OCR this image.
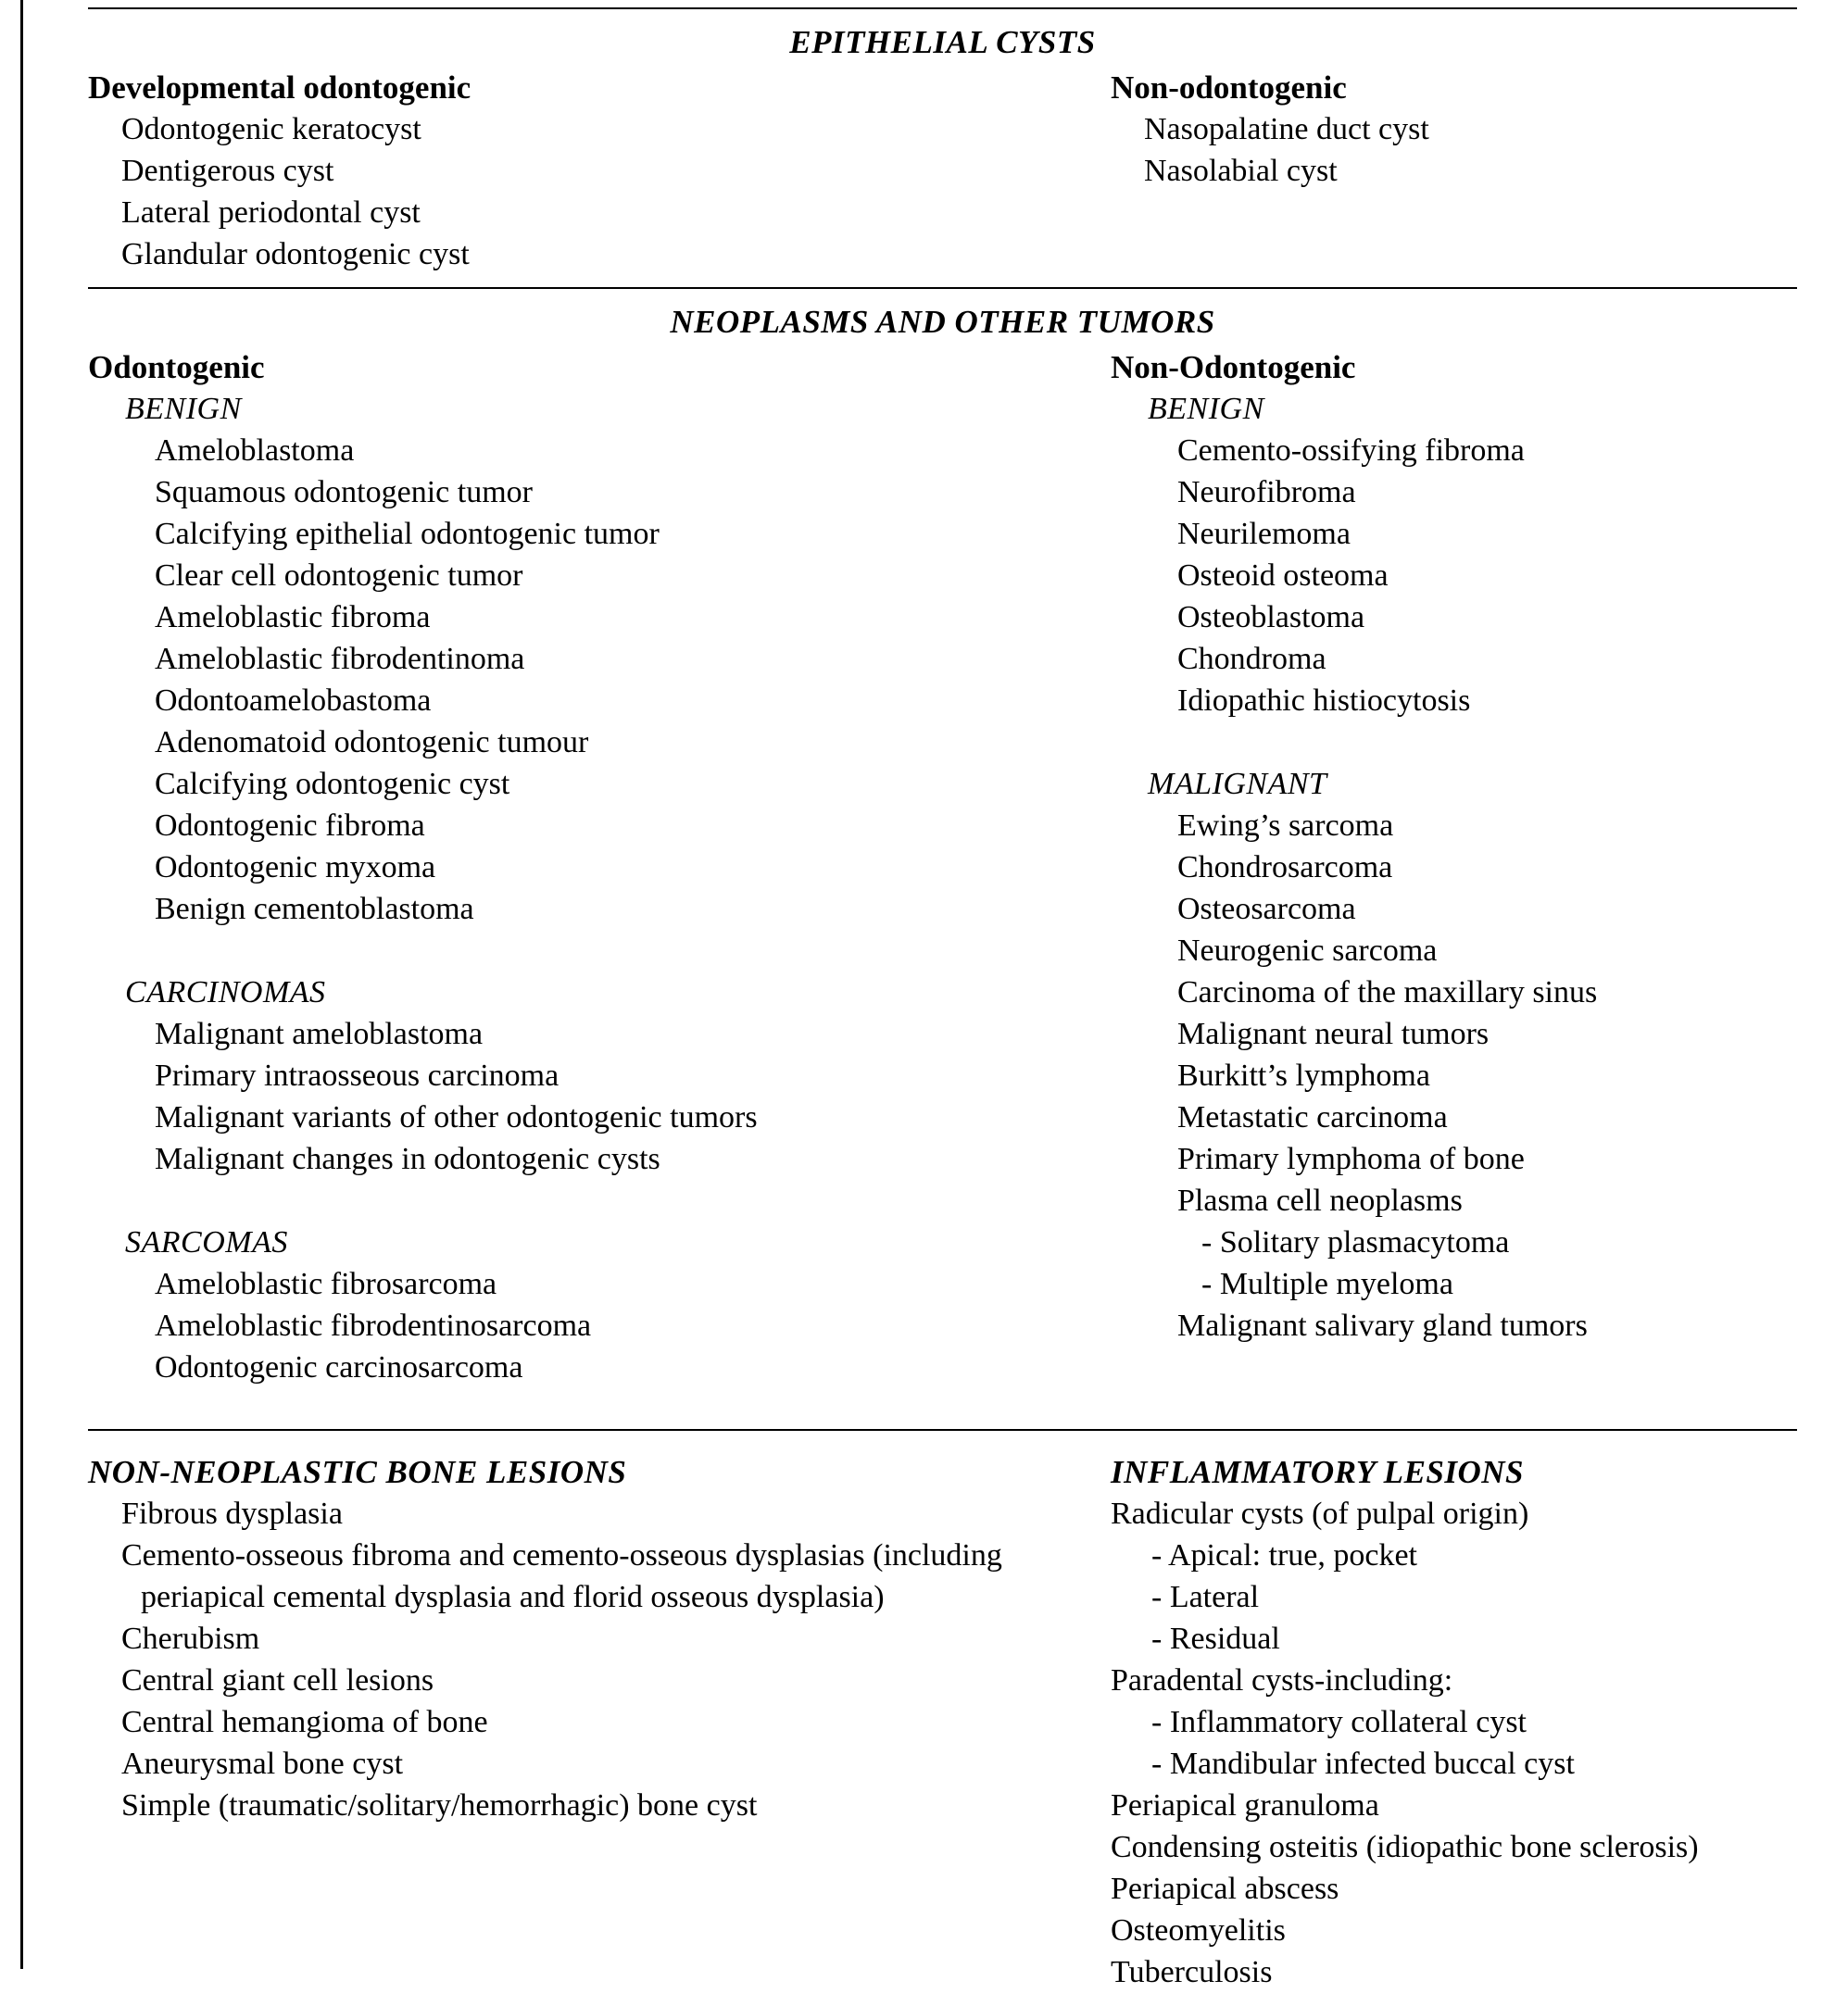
EPITHELIAL CYSTS
Developmental odontogenic
Odontogenic keratocyst
Dentigerous cyst
Lateral periodontal cyst
Glandular odontogenic cyst
Non-odontogenic
Nasopalatine duct cyst
Nasolabial cyst
NEOPLASMS AND OTHER TUMORS
Odontogenic
BENIGN
Ameloblastoma
Squamous odontogenic tumor
Calcifying epithelial odontogenic tumor
Clear cell odontogenic tumor
Ameloblastic fibroma
Ameloblastic fibrodentinoma
Odontoamelobastoma
Adenomatoid odontogenic tumour
Calcifying odontogenic cyst
Odontogenic fibroma
Odontogenic myxoma
Benign cementoblastoma
CARCINOMAS
Malignant ameloblastoma
Primary intraosseous carcinoma
Malignant variants of other odontogenic tumors
Malignant changes in odontogenic cysts
SARCOMAS
Ameloblastic fibrosarcoma
Ameloblastic fibrodentinosarcoma
Odontogenic carcinosarcoma
Non-Odontogenic
BENIGN
Cemento-ossifying fibroma
Neurofibroma
Neurilemoma
Osteoid osteoma
Osteoblastoma
Chondroma
Idiopathic histiocytosis
MALIGNANT
Ewing’s sarcoma
Chondrosarcoma
Osteosarcoma
Neurogenic sarcoma
Carcinoma of the maxillary sinus
Malignant neural tumors
Burkitt’s lymphoma
Metastatic carcinoma
Primary lymphoma of bone
Plasma cell neoplasms
- Solitary plasmacytoma
- Multiple myeloma
Malignant salivary gland tumors
NON-NEOPLASTIC BONE LESIONS
Fibrous dysplasia
Cemento-osseous fibroma and cemento-osseous dysplasias (including
periapical cemental dysplasia and florid osseous dysplasia)
Cherubism
Central giant cell lesions
Central hemangioma of bone
Aneurysmal bone cyst
Simple (traumatic/solitary/hemorrhagic) bone cyst
INFLAMMATORY LESIONS
Radicular cysts (of pulpal origin)
- Apical: true, pocket
- Lateral
- Residual
Paradental cysts-including:
- Inflammatory collateral cyst
- Mandibular infected buccal cyst
Periapical granuloma
Condensing osteitis (idiopathic bone sclerosis)
Periapical abscess
Osteomyelitis
Tuberculosis
